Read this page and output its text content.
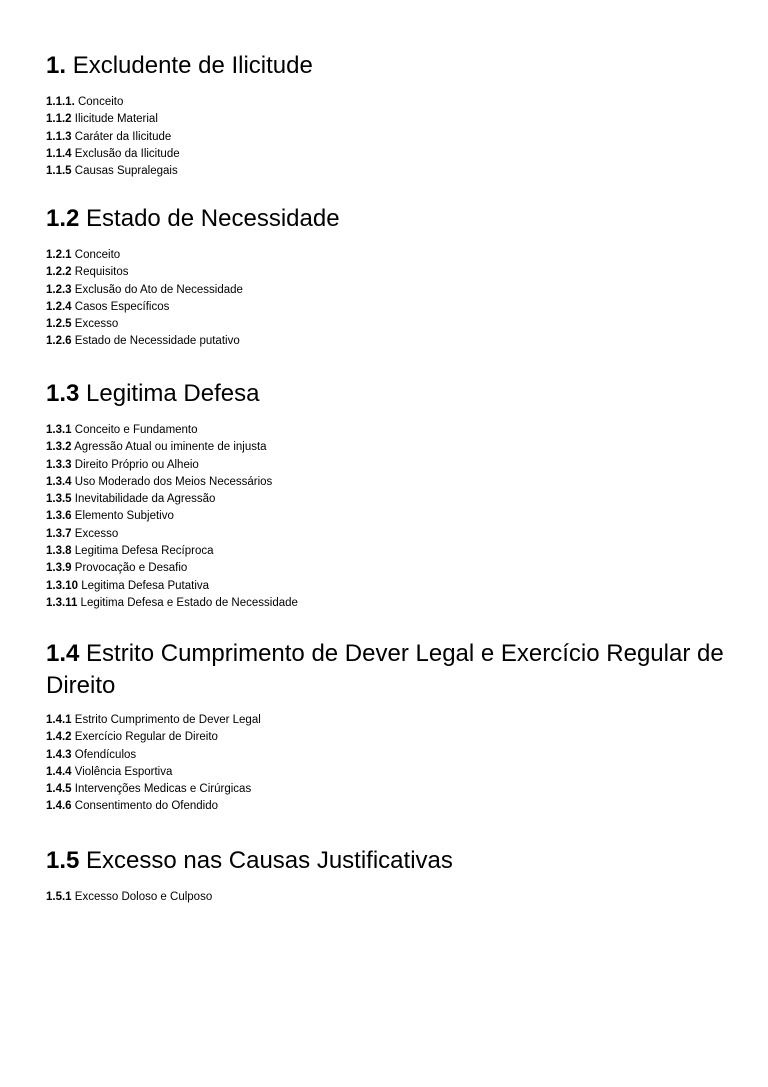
1. Excludente de Ilicitude
1.1.1. Conceito
1.1.2 Ilicitude Material
1.1.3 Caráter da Ilicitude
1.1.4 Exclusão da Ilicitude
1.1.5 Causas Supralegais
1.2 Estado de Necessidade
1.2.1 Conceito
1.2.2 Requisitos
1.2.3 Exclusão do Ato de Necessidade
1.2.4 Casos Específicos
1.2.5 Excesso
1.2.6 Estado de Necessidade putativo
1.3 Legitima Defesa
1.3.1 Conceito e Fundamento
1.3.2 Agressão Atual ou iminente de injusta
1.3.3 Direito Próprio ou Alheio
1.3.4 Uso Moderado dos Meios Necessários
1.3.5 Inevitabilidade da Agressão
1.3.6 Elemento Subjetivo
1.3.7 Excesso
1.3.8 Legitima Defesa Recíproca
1.3.9 Provocação e Desafio
1.3.10 Legitima Defesa Putativa
1.3.11 Legitima Defesa e Estado de Necessidade
1.4 Estrito Cumprimento de Dever Legal e Exercício Regular de Direito
1.4.1 Estrito Cumprimento de Dever Legal
1.4.2 Exercício Regular de Direito
1.4.3 Ofendículos
1.4.4 Violência Esportiva
1.4.5 Intervenções Medicas e Cirúrgicas
1.4.6 Consentimento do Ofendido
1.5 Excesso nas Causas Justificativas
1.5.1 Excesso Doloso e Culposo
